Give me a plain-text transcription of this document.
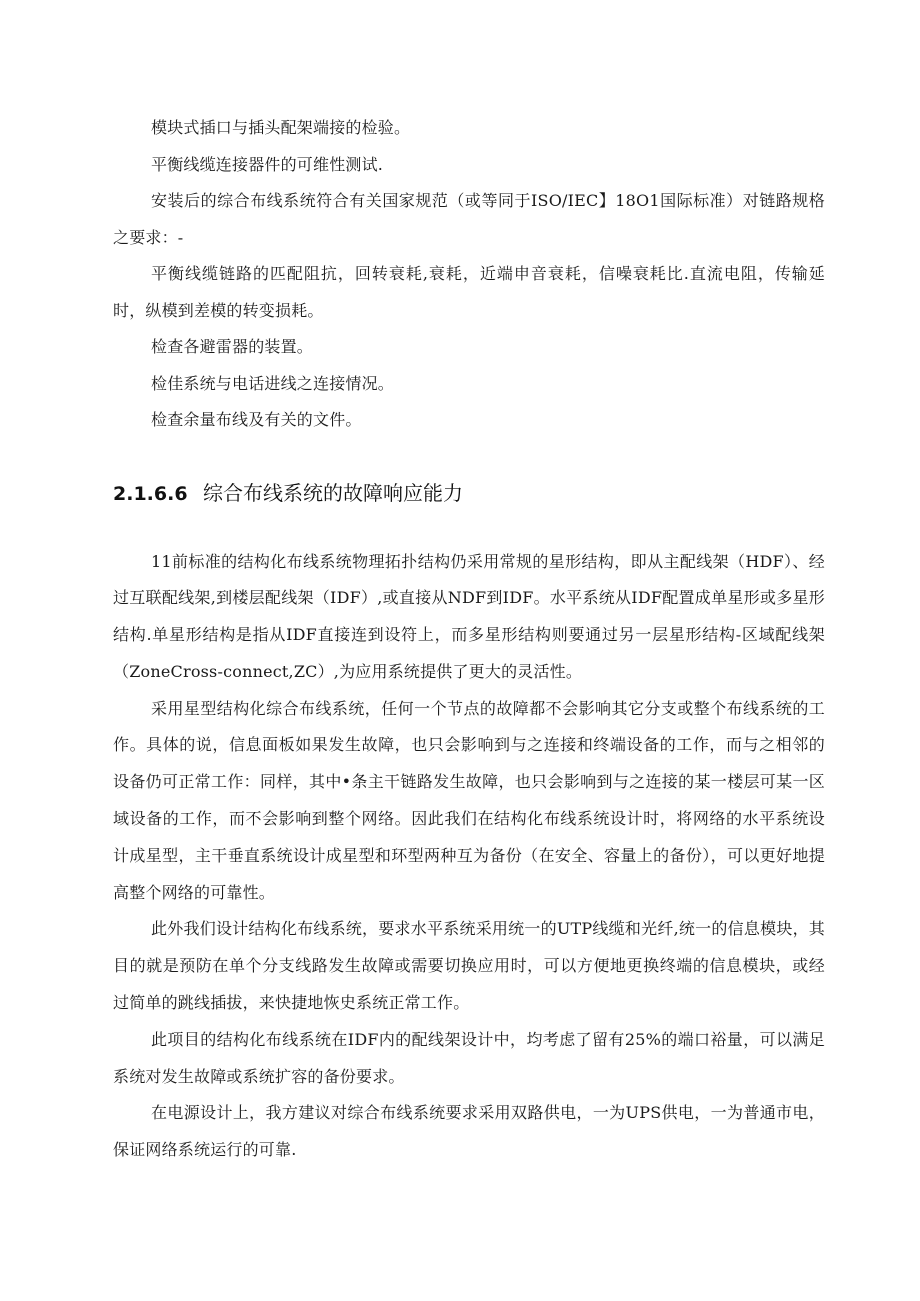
模块式插口与插头配架端接的检验。

平衡线缆连接器件的可维性测试.

安装后的综合布线系统符合有关国家规范（或等同于ISO/IEC】18O1国际标准）对链路规格之要求：-

平衡线缆链路的匹配阻抗，回转衰耗,衰耗，近端申音衰耗，信噪衰耗比.直流电阻，传输延时，纵模到差模的转变损耗。

检查各避雷器的装置。

检佳系统与电话进线之连接情况。

检查余量布线及有关的文件。

2.1.6.6 综合布线系统的故障响应能力

11前标准的结构化布线系统物理拓扑结构仍采用常规的星形结构，即从主配线架（HDF）、经过互联配线架,到楼层配线架（IDF）,或直接从NDF到IDF。水平系统从IDF配置成单星形或多星形结构.单星形结构是指从IDF直接连到设符上，而多星形结构则要通过另一层星形结构-区域配线架（ZoneCross-connect,ZC）,为应用系统提供了更大的灵活性。

采用星型结构化综合布线系统，任何一个节点的故障都不会影响其它分支或整个布线系统的工作。具体的说，信息面板如果发生故障，也只会影响到与之连接和终端设备的工作，而与之相邻的设备仍可正常工作：同样，其中•条主干链路发生故障，也只会影响到与之连接的某一楼层可某一区域设备的工作，而不会影响到整个网络。因此我们在结构化布线系统设计时，将网络的水平系统设计成星型，主干垂直系统设计成星型和环型两种互为备份（在安全、容量上的备份），可以更好地提高整个网络的可靠性。

此外我们设计结构化布线系统，要求水平系统采用统一的UTP线缆和光纤,统一的信息模块，其目的就是预防在单个分支线路发生故障或需要切换应用时，可以方便地更换终端的信息模块，或经过简单的跳线插拔，来快捷地恢史系统正常工作。

此项目的结构化布线系统在IDF内的配线架设计中，均考虑了留有25%的端口裕量，可以满足系统对发生故障或系统扩容的备份要求。

在电源设计上，我方建议对综合布线系统要求采用双路供电，一为UPS供电，一为普通市电，保证网络系统运行的可靠.
